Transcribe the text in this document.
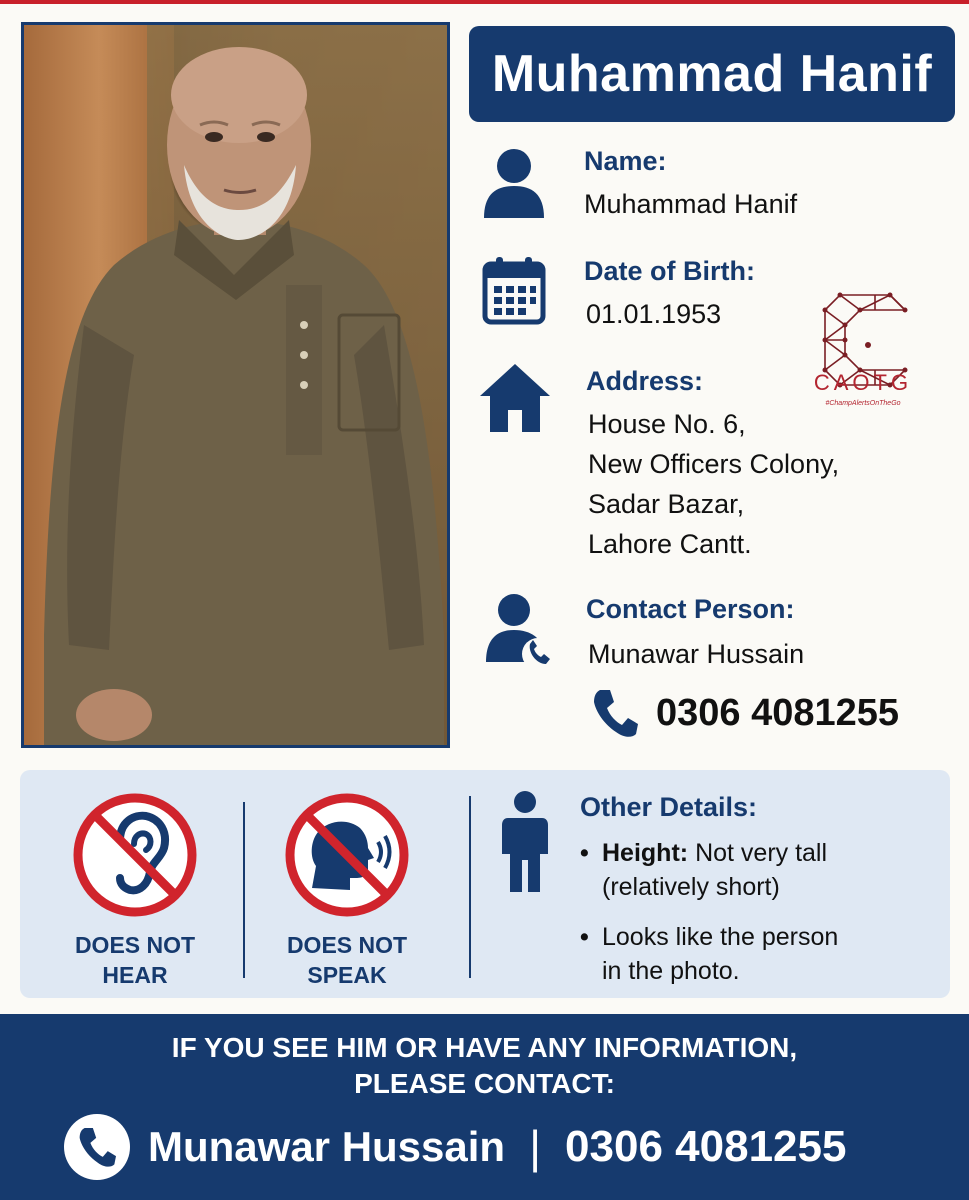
Muhammad Hanif
Name:
Muhammad Hanif
Date of Birth:
01.01.1953
Address:
House No. 6,
New Officers Colony,
Sadar Bazar,
Lahore Cantt.
Contact Person:
Munawar Hussain
0306 4081255
CAOTG
#ChampAlertsOnTheGo
DOES NOT
HEAR
DOES NOT
SPEAK
Other Details:
• Height: Not very tall
(relatively short)
• Looks like the person
in the photo.
IF YOU SEE HIM OR HAVE ANY INFORMATION,
PLEASE CONTACT:
Munawar Hussain | 0306 4081255
